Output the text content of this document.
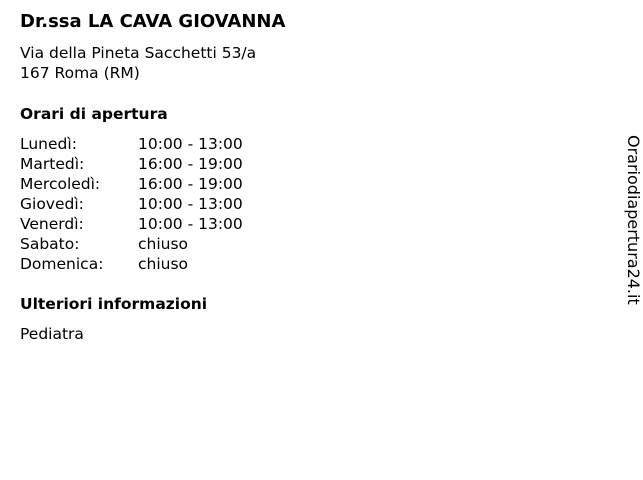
Dr.ssa LA CAVA GIOVANNA
Via della Pineta Sacchetti 53/a
167 Roma (RM)
Orari di apertura
Lunedì:	10:00 - 13:00
Martedì:	16:00 - 19:00
Mercoledì:	16:00 - 19:00
Giovedì:	10:00 - 13:00
Venerdì:	10:00 - 13:00
Sabato:	chiuso
Domenica:	chiuso
Ulteriori informazioni
Pediatra
Orariodiapertura24.it
